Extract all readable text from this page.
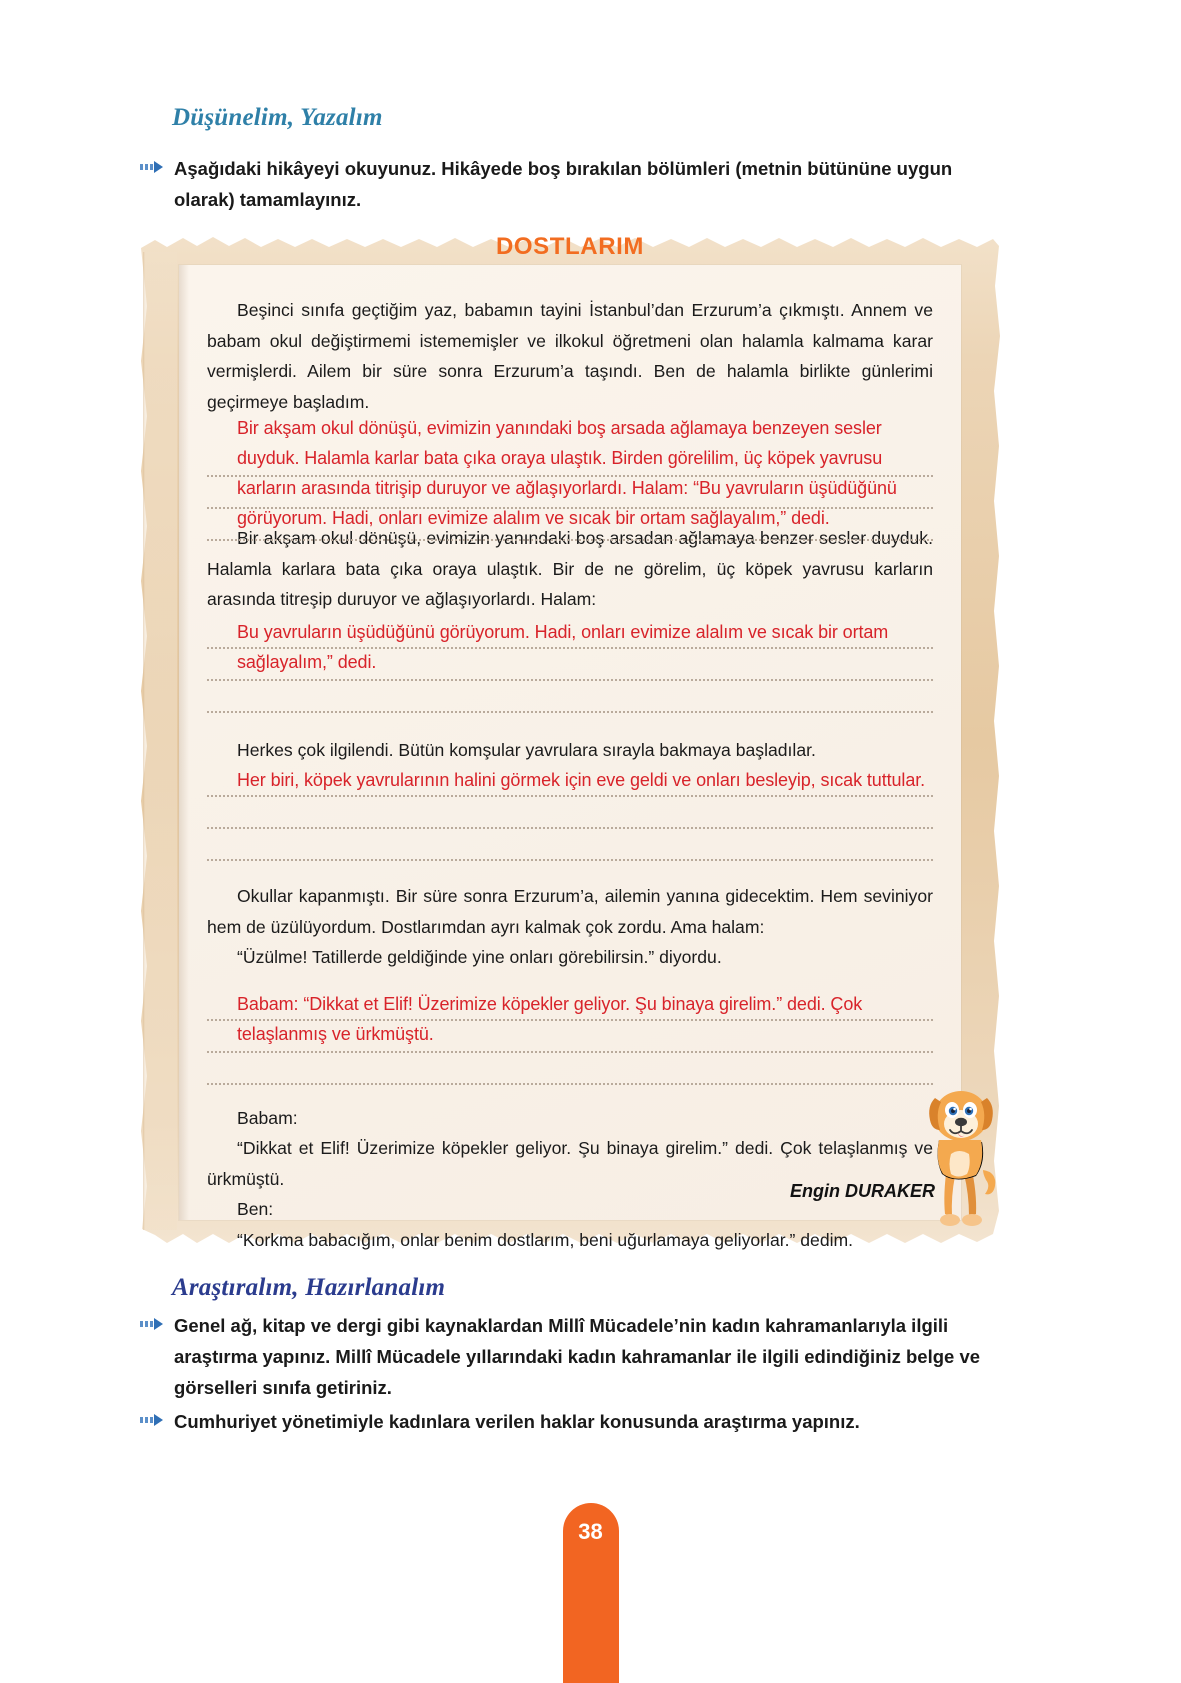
Düşünelim, Yazalım
Aşağıdaki hikâyeyi okuyunuz. Hikâyede boş bırakılan bölümleri (metnin bütününe uygun olarak) tamamlayınız.
DOSTLARIM

Beşinci sınıfa geçtiğim yaz, babamın tayini İstanbul’dan Erzurum’a çıkmıştı. Annem ve babam okul değiştirmemi istememişler ve ilkokul öğretmeni olan halamla kalmama karar vermişlerdi. Ailem bir süre sonra Erzurum’a taşındı. Ben de halamla birlikte günlerimi geçirmeye başladım.

Bir akşam okul dönüşü, evimizin yanındaki boş arsada ağlamaya benzeyen sesler duyduk. Halamla karlar bata çıka oraya ulaştık. Birden görelilim, üç köpek yavrusu karların arasında titrişip duruyor ve ağlaşıyorlardı. Halam: “Bu yavruların üşüdüğünü görüyorum. Hadi, onları evimize alalım ve sıcak bir ortam sağlayalım,” dedi.

Bir akşam okul dönüşü, evimizin yanındaki boş arsadan ağlamaya benzer sesler duyduk. Halamla karlara bata çıka oraya ulaştık. Bir de ne görelim, üç köpek yavrusu karların arasında titreşip duruyor ve ağlaşıyorlardı. Halam:

Bu yavruların üşüdüğünü görüyorum. Hadi, onları evimize alalım ve sıcak bir ortam sağlayalım,” dedi.

Herkes çok ilgilendi. Bütün komşular yavrulara sırayla bakmaya başladılar.

Her biri, köpek yavrularının halini görmek için eve geldi ve onları besleyip, sıcak tuttular.

Okullar kapanmıştı. Bir süre sonra Erzurum’a, ailemin yanına gidecektim. Hem seviniyor hem de üzülüyordum. Dostlarımdan ayrı kalmak çok zordu. Ama halam:

“Üzülme! Tatillerde geldiğinde yine onları görebilirsin.” diyordu.

Babam: “Dikkat et Elif! Üzerimize köpekler geliyor. Şu binaya girelim.” dedi. Çok telaşlanmış ve ürkmüştü.

Babam:

“Dikkat et Elif! Üzerimize köpekler geliyor. Şu binaya girelim.” dedi. Çok telaşlanmış ve ürkmüştü.

Ben:

“Korkma babacığım, onlar benim dostlarım, beni uğurlamaya geliyorlar.” dedim.

Engin DURAKER
Araştıralım, Hazırlanalım
Genel ağ, kitap ve dergi gibi kaynaklardan Millî Mücadele’nin kadın kahramanlarıyla ilgili araştırma yapınız. Millî Mücadele yıllarındaki kadın kahramanlar ile ilgili edindiğiniz belge ve görselleri sınıfa getiriniz.
Cumhuriyet yönetimiyle kadınlara verilen haklar konusunda araştırma yapınız.
38
